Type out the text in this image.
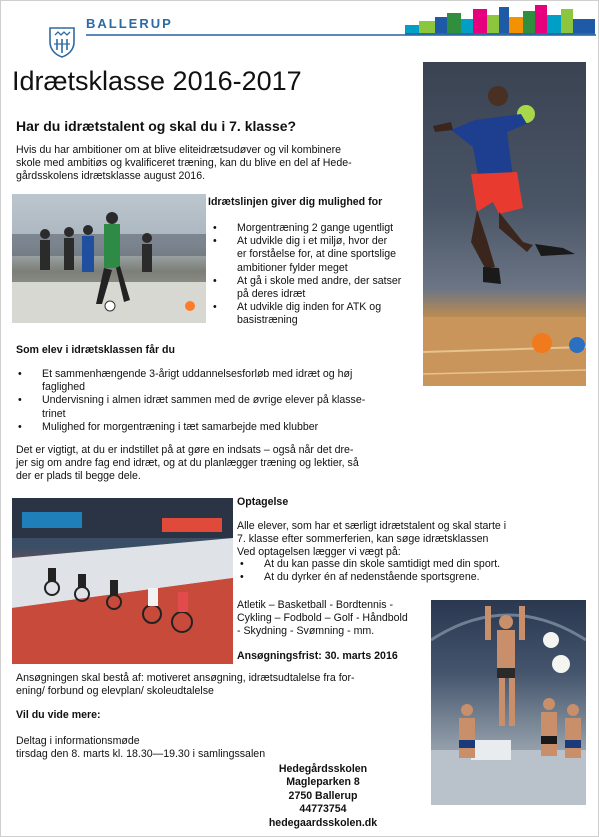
BALLERUP
Idrætsklasse 2016-2017
Har du idrætstalent og skal du i 7. klasse?

Hvis du har ambitioner om at blive eliteidrætsudøver og vil kombinere

skole med ambitiøs og kvalificeret træning, kan du blive en del af Hede-

gårdsskolens idrætsklasse august 2016.

Idrætslinjen giver dig mulighed for
• Morgentræning 2 gange ugentligt
• At udvikle dig i et miljø, hvor der
er forståelse for, at dine sportslige
ambitioner fylder meget
• At gå i skole med andre, der satser
på deres idræt
• At udvikle dig inden for ATK og
basistræning
Som elev i idrætsklassen får du
• Et sammenhængende 3-årigt uddannelsesforløb med idræt og høj
faglighed
• Undervisning i almen idræt sammen med de øvrige elever på klasse-
trinet
• Mulighed for morgentræning i tæt samarbejde med klubber

Det er vigtigt, at du er indstillet på at gøre en indsats – også når det dre-

jer sig om andre fag end idræt, og at du planlægger træning og lektier, så

der er plads til begge dele.

Optagelse

Alle elever, som har et særligt idrætstalent og skal starte i

7. klasse efter sommerferien, kan søge idrætsklassen

Ved optagelsen lægger vi vægt på:

• At du kan passe din skole samtidigt med din sport.
• At du dyrker én af nedenstående sportsgrene.

Atletik – Basketball - Bordtennis -

Cykling – Fodbold – Golf - Håndbold

- Skydning - Svømning - mm.

Ansøgningsfrist: 30. marts 2016

Ansøgningen skal bestå af: motiveret ansøgning, idrætsudtalelse fra for-

ening/ forbund og elevplan/ skoleudtalelse

Vil du vide mere:

Deltag i informationsmøde

tirsdag den 8. marts kl. 18.30—19.30 i samlingssalen

Hedegårdsskolen
Magleparken 8
2750 Ballerup
44773754
hedegaardsskolen.dk
